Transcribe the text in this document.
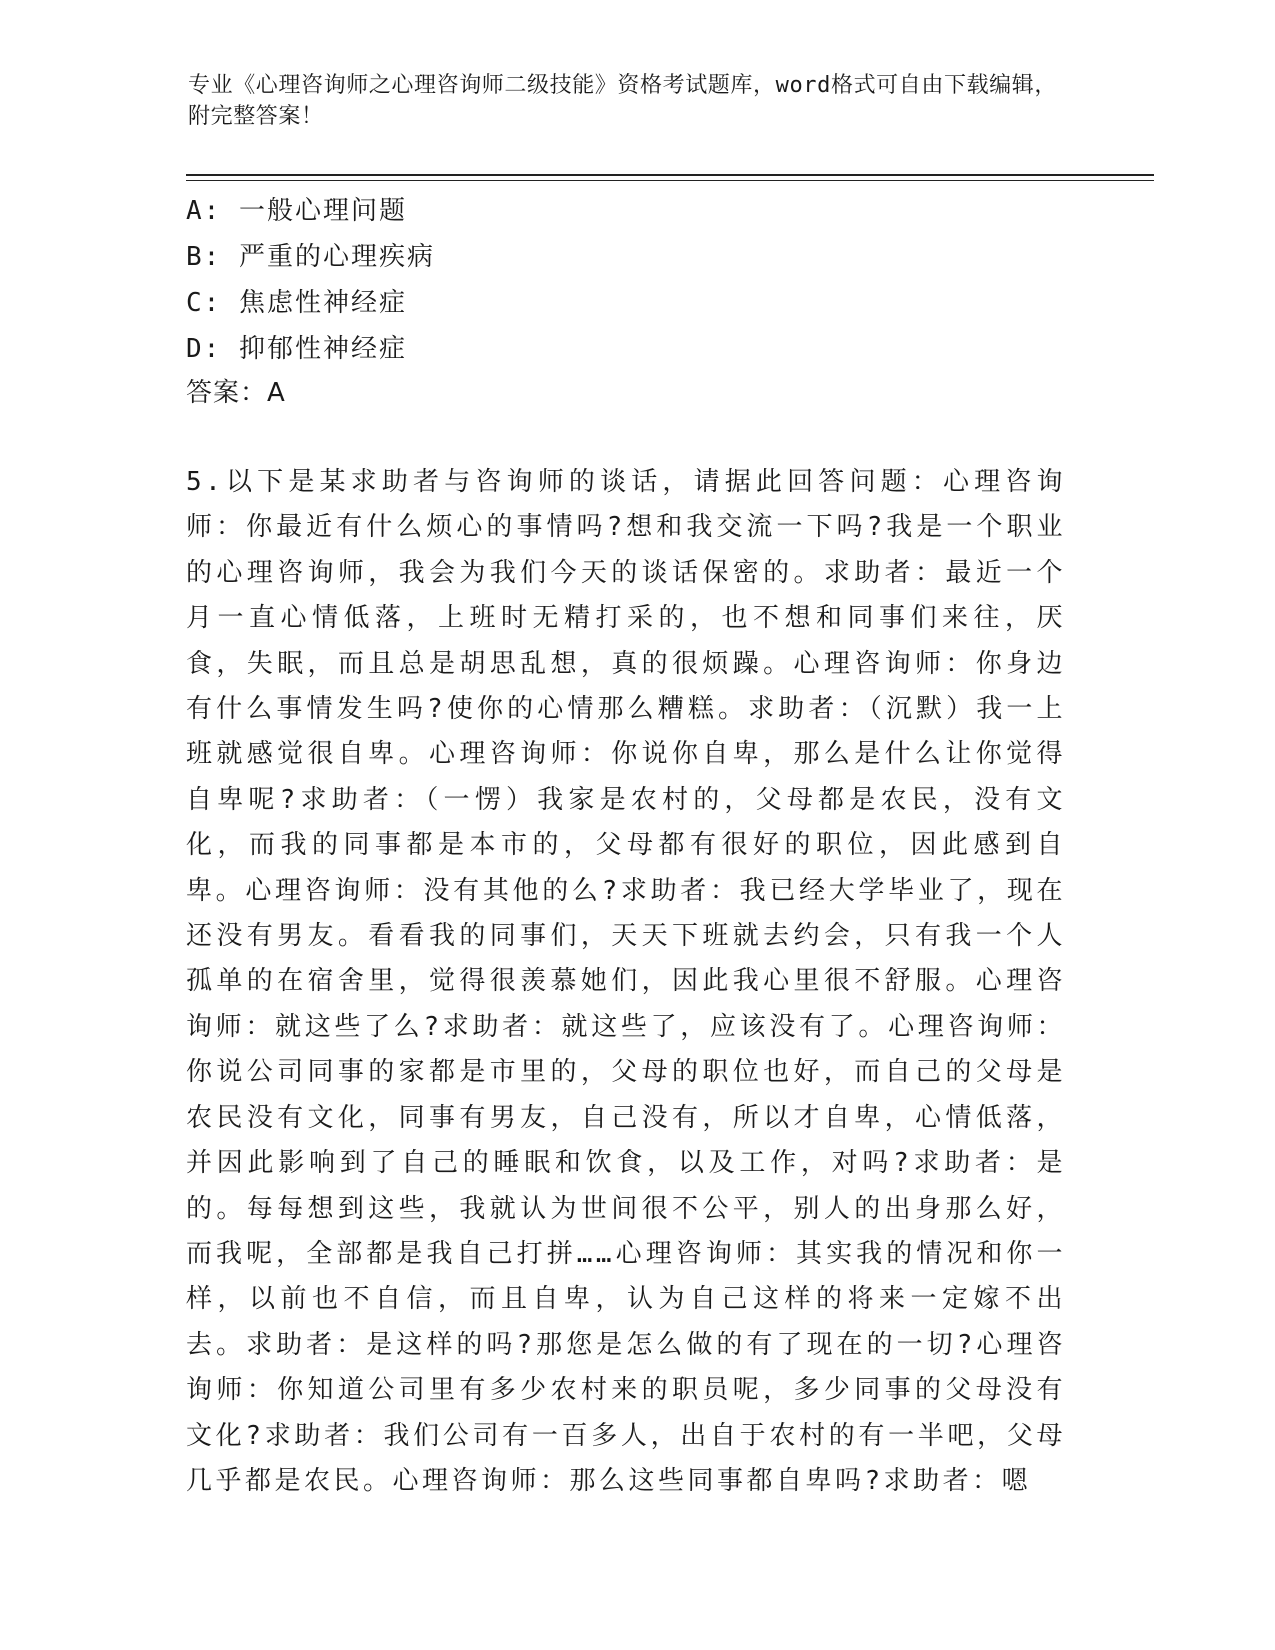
专业《心理咨询师之心理咨询师二级技能》资格考试题库，word格式可自由下载编辑，附完整答案！
A: 一般心理问题
B: 严重的心理疾病
C: 焦虑性神经症
D: 抑郁性神经症
答案：A

5.以下是某求助者与咨询师的谈话，请据此回答问题：心理咨询师：你最近有什么烦心的事情吗?想和我交流一下吗?我是一个职业的心理咨询师，我会为我们今天的谈话保密的。求助者：最近一个月一直心情低落，上班时无精打采的，也不想和同事们来往，厌食，失眠，而且总是胡思乱想，真的很烦躁。心理咨询师：你身边有什么事情发生吗?使你的心情那么糟糕。求助者：（沉默）我一上班就感觉很自卑。心理咨询师：你说你自卑，那么是什么让你觉得自卑呢?求助者：（一愣）我家是农村的，父母都是农民，没有文化，而我的同事都是本市的，父母都有很好的职位，因此感到自卑。心理咨询师：没有其他的么?求助者：我已经大学毕业了，现在还没有男友。看看我的同事们，天天下班就去约会，只有我一个人孤单的在宿舍里，觉得很羡慕她们，因此我心里很不舒服。心理咨询师：就这些了么?求助者：就这些了，应该没有了。心理咨询师：你说公司同事的家都是市里的，父母的职位也好，而自己的父母是农民没有文化，同事有男友，自己没有，所以才自卑，心情低落，并因此影响到了自己的睡眠和饮食，以及工作，对吗?求助者：是的。每每想到这些，我就认为世间很不公平，别人的出身那么好，而我呢，全部都是我自己打拼……心理咨询师：其实我的情况和你一样，以前也不自信，而且自卑，认为自己这样的将来一定嫁不出去。求助者：是这样的吗?那您是怎么做的有了现在的一切?心理咨询师：你知道公司里有多少农村来的职员呢，多少同事的父母没有文化?求助者：我们公司有一百多人，出自于农村的有一半吧，父母几乎都是农民。心理咨询师：那么这些同事都自卑吗?求助者：嗯
